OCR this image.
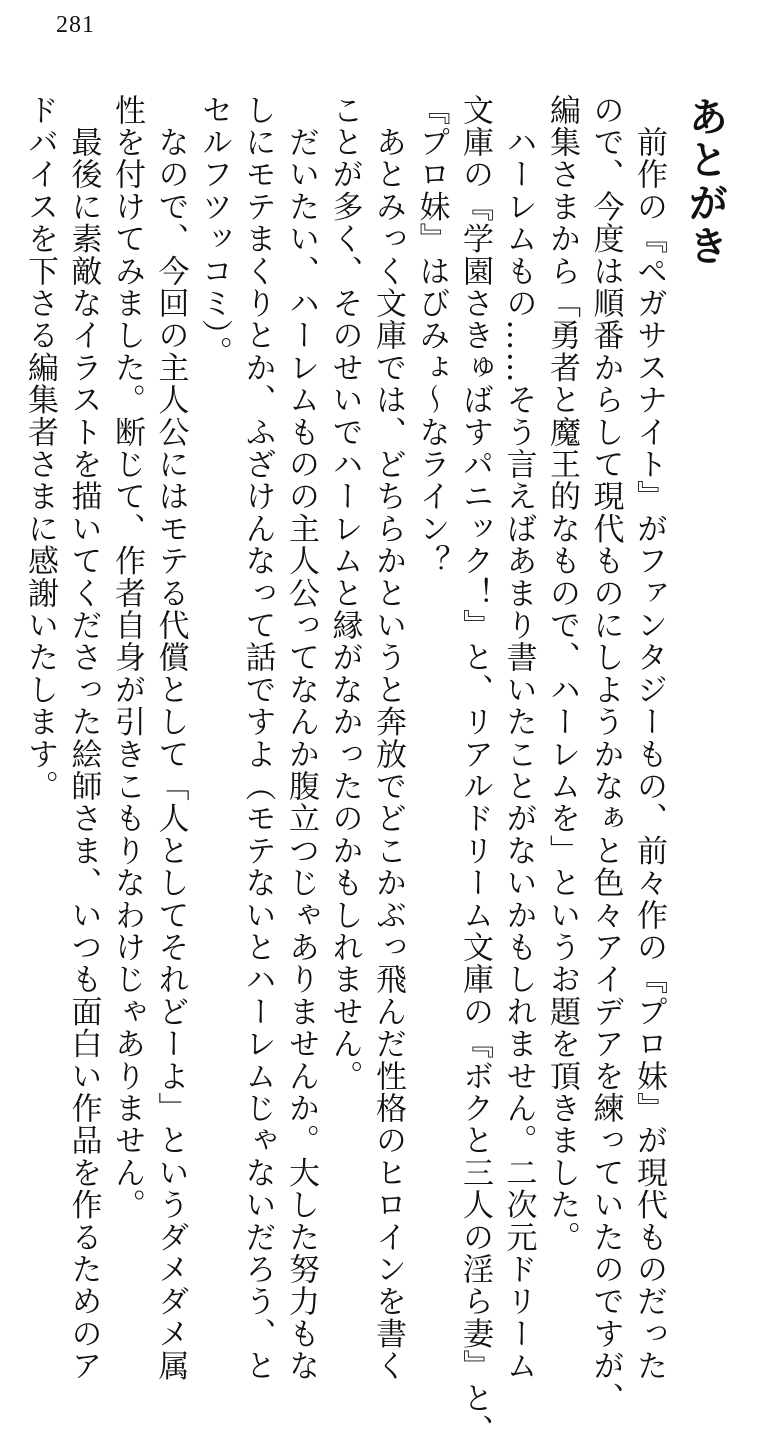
281
あとがき
　前作の『ペガサスナイト』がファンタジーもの、前々作の『プロ妹』が現代ものだった
ので、今度は順番からして現代ものにしようかなぁと色々アイデアを練っていたのですが、
編集さまから「勇者と魔王的なもので、ハーレムを」というお題を頂きました。
　ハーレムもの……そう言えばあまり書いたことがないかもしれません。二次元ドリーム
文庫の『学園さきゅばすパニック！』と、リアルドリーム文庫の『ボクと三人の淫ら妻』と、
『プロ妹』はびみょ〜なライン？
　あとみっく文庫では、どちらかというと奔放でどこかぶっ飛んだ性格のヒロインを書く
ことが多く、そのせいでハーレムと縁がなかったのかもしれません。
　だいたい、ハーレムものの主人公ってなんか腹立つじゃありませんか。大した努力もな
しにモテまくりとか、ふざけんなって話ですよ（モテないとハーレムじゃないだろう、と
セルフツッコミ）。
　なので、今回の主人公にはモテる代償として「人としてそれどーよ」というダメダメ属
性を付けてみました。断じて、作者自身が引きこもりなわけじゃありません。
　最後に素敵なイラストを描いてくださった絵師さま、いつも面白い作品を作るためのア
ドバイスを下さる編集者さまに感謝いたします。
